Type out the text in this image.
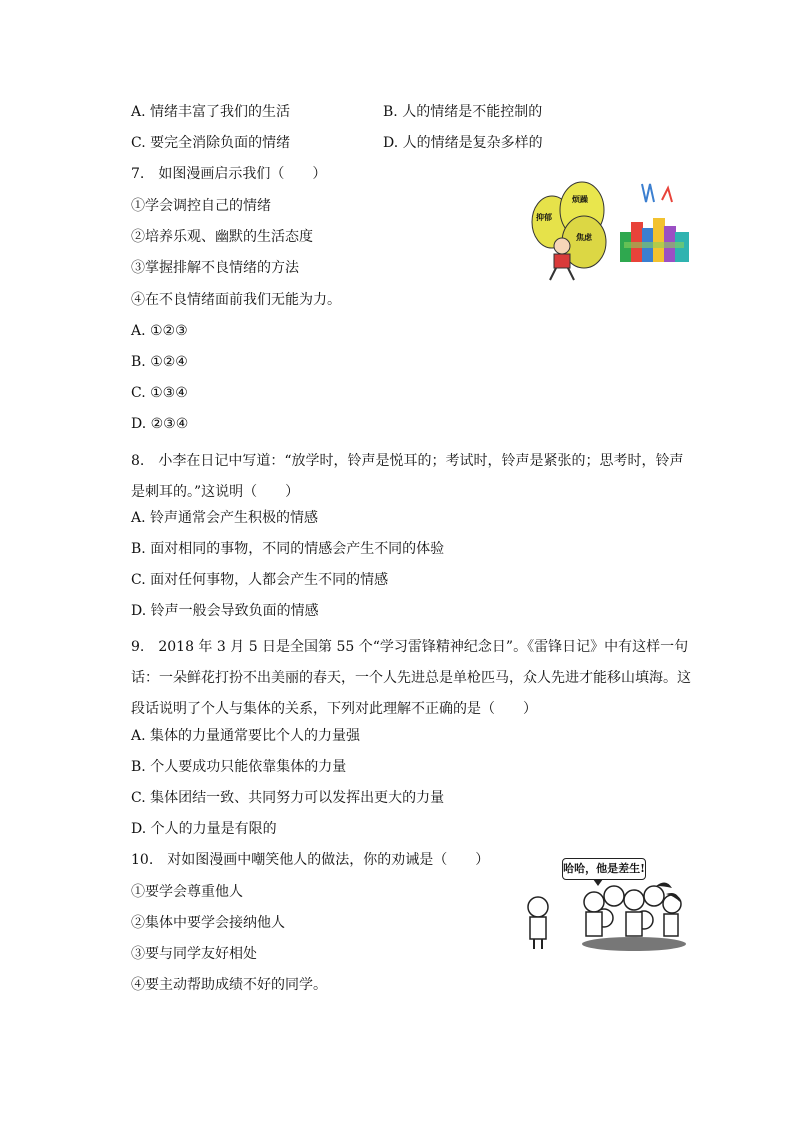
A. 情绪丰富了我们的生活	B. 人的情绪是不能控制的
C. 要完全消除负面的情绪	D. 人的情绪是复杂多样的
7.　如图漫画启示我们（　　）
①学会调控自己的情绪
②培养乐观、幽默的生活态度
③掌握排解不良情绪的方法
④在不良情绪面前我们无能为力。
A. ①②③
B. ①②④
C. ①③④
D. ②③④
抑郁
烦躁
焦虑
8.　小李在日记中写道：“放学时，铃声是悦耳的；考试时，铃声是紧张的；思考时，铃声是刺耳的。”这说明（　　）
A. 铃声通常会产生积极的情感
B. 面对相同的事物，不同的情感会产生不同的体验
C. 面对任何事物，人都会产生不同的情感
D. 铃声一般会导致负面的情感
9.　2018 年 3 月 5 日是全国第 55 个“学习雷锋精神纪念日”。《雷锋日记》中有这样一句话：一朵鲜花打扮不出美丽的春天，一个人先进总是单枪匹马，众人先进才能移山填海。这段话说明了个人与集体的关系，下列对此理解不正确的是（　　）
A. 集体的力量通常要比个人的力量强
B. 个人要成功只能依靠集体的力量
C. 集体团结一致、共同努力可以发挥出更大的力量
D. 个人的力量是有限的
10.　对如图漫画中嘲笑他人的做法，你的劝诫是（　　）
①要学会尊重他人
②集体中要学会接纳他人
③要与同学友好相处
④要主动帮助成绩不好的同学。
哈哈，他是差生!
